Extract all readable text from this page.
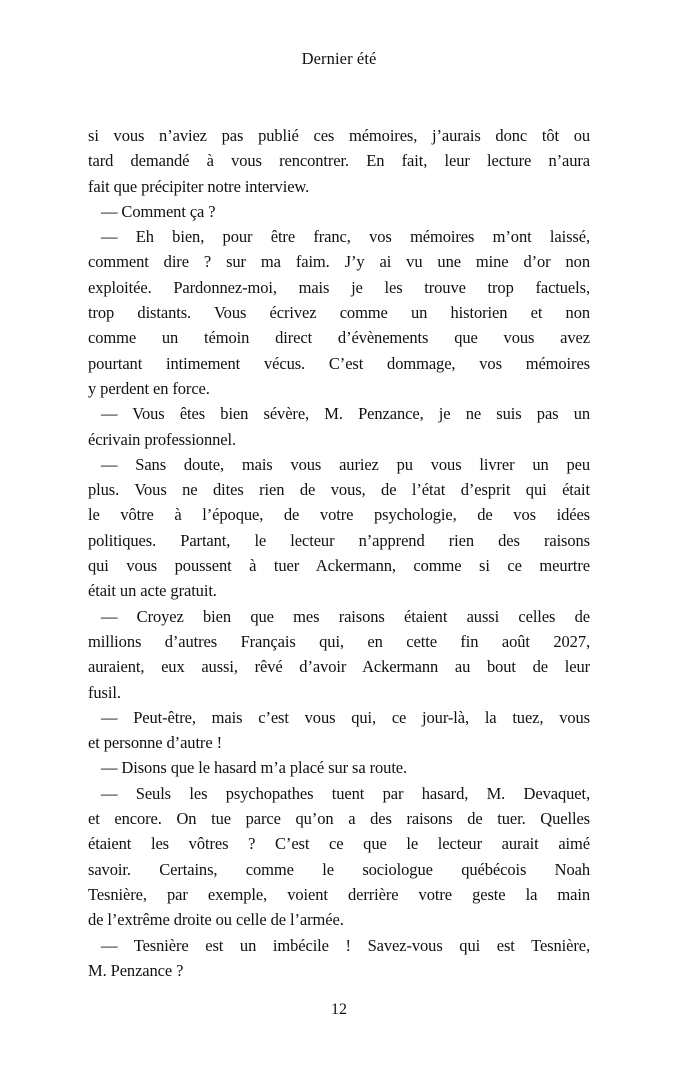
Dernier été
si vous n’aviez pas publié ces mémoires, j’aurais donc tôt ou
tard demandé à vous rencontrer. En fait, leur lecture n’aura
fait que précipiter notre interview.
— Comment ça ?
— Eh bien, pour être franc, vos mémoires m’ont laissé,
comment dire ? sur ma faim. J’y ai vu une mine d’or non
exploitée. Pardonnez-moi, mais je les trouve trop factuels,
trop distants. Vous écrivez comme un historien et non
comme un témoin direct d’évènements que vous avez
pourtant intimement vécus. C’est dommage, vos mémoires
y perdent en force.
— Vous êtes bien sévère, M. Penzance, je ne suis pas un
écrivain professionnel.
— Sans doute, mais vous auriez pu vous livrer un peu
plus. Vous ne dites rien de vous, de l’état d’esprit qui était
le vôtre à l’époque, de votre psychologie, de vos idées
politiques. Partant, le lecteur n’apprend rien des raisons
qui vous poussent à tuer Ackermann, comme si ce meurtre
était un acte gratuit.
— Croyez bien que mes raisons étaient aussi celles de
millions d’autres Français qui, en cette fin août 2027,
auraient, eux aussi, rêvé d’avoir Ackermann au bout de leur
fusil.
— Peut-être, mais c’est vous qui, ce jour-là, la tuez, vous
et personne d’autre !
— Disons que le hasard m’a placé sur sa route.
— Seuls les psychopathes tuent par hasard, M. Devaquet,
et encore. On tue parce qu’on a des raisons de tuer. Quelles
étaient les vôtres ? C’est ce que le lecteur aurait aimé
savoir. Certains, comme le sociologue québécois Noah
Tesnière, par exemple, voient derrière votre geste la main
de l’extrême droite ou celle de l’armée.
— Tesnière est un imbécile ! Savez-vous qui est Tesnière,
M. Penzance ?
12
